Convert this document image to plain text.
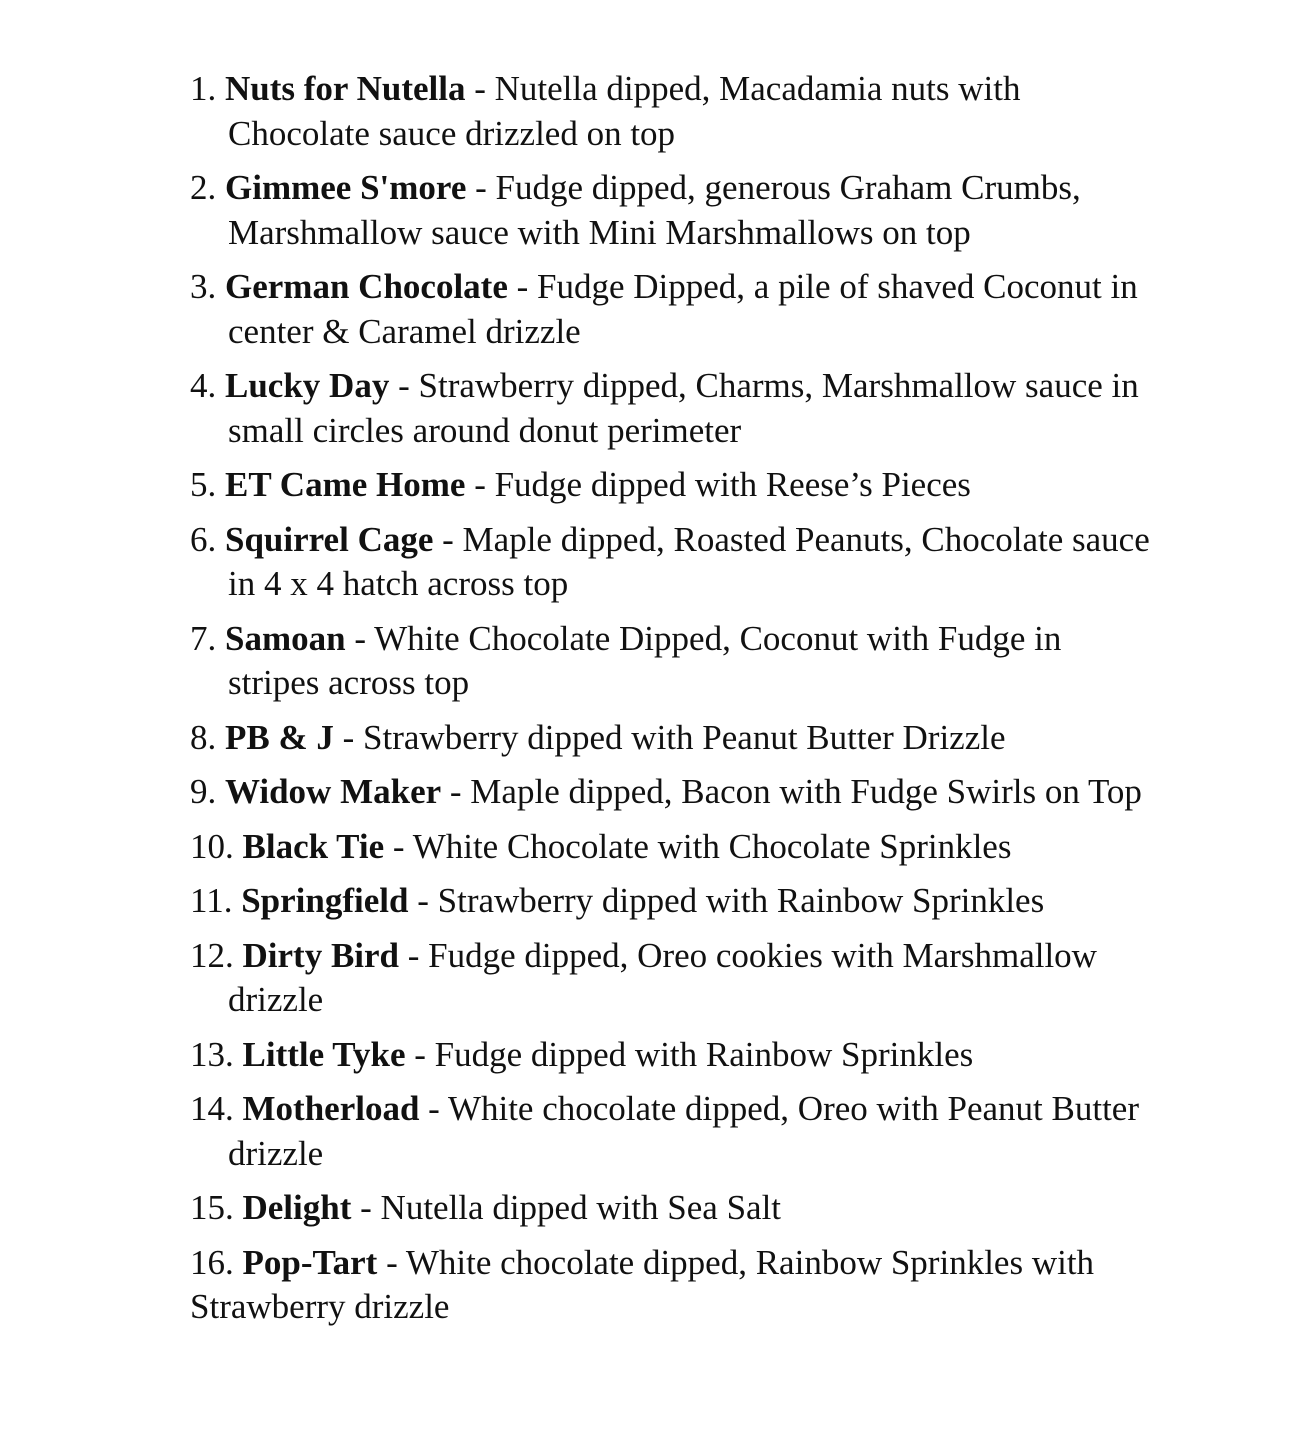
1. Nuts for Nutella - Nutella dipped, Macadamia nuts with Chocolate sauce drizzled on top
2. Gimmee S'more - Fudge dipped, generous Graham Crumbs, Marshmallow sauce with Mini Marshmallows on top
3. German Chocolate - Fudge Dipped, a pile of shaved Coconut in center & Caramel drizzle
4. Lucky Day - Strawberry dipped, Charms, Marshmallow sauce in small circles around donut perimeter
5. ET Came Home - Fudge dipped with Reese’s Pieces
6. Squirrel Cage - Maple dipped, Roasted Peanuts, Chocolate sauce in 4 x 4 hatch across top
7. Samoan - White Chocolate Dipped, Coconut with Fudge in stripes across top
8. PB & J - Strawberry dipped with Peanut Butter Drizzle
9. Widow Maker - Maple dipped, Bacon with Fudge Swirls on Top
10. Black Tie - White Chocolate with Chocolate Sprinkles
11. Springfield - Strawberry dipped with Rainbow Sprinkles
12. Dirty Bird - Fudge dipped, Oreo cookies with Marshmallow drizzle
13. Little Tyke - Fudge dipped with Rainbow Sprinkles
14. Motherload - White chocolate dipped, Oreo with Peanut Butter drizzle
15. Delight - Nutella dipped with Sea Salt
16. Pop-Tart - White chocolate dipped, Rainbow Sprinkles with Strawberry drizzle
